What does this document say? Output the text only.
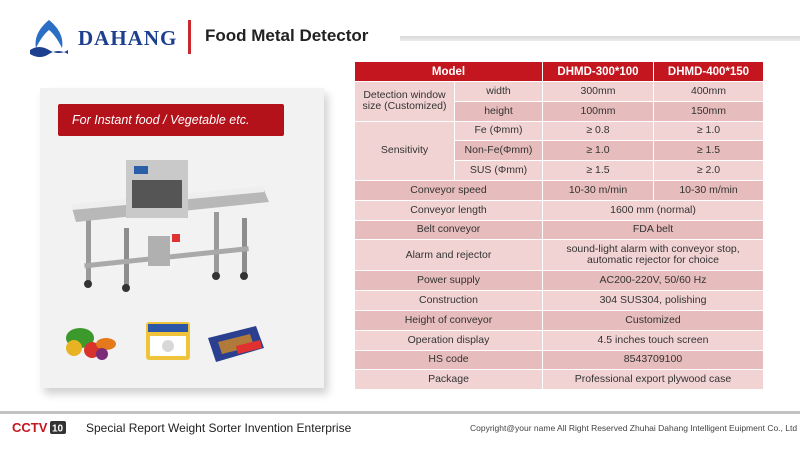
DAHANG Food Metal Detector
For Instant food / Vegetable etc.
Model		DHMD-300*100	DHMD-400*150
Detection window size (Customized)	width	300mm	400mm
	height	100mm	150mm
Sensitivity	Fe (Φmm)	≥ 0.8	≥ 1.0
	Non-Fe(Φmm)	≥ 1.0	≥ 1.5
	SUS (Φmm)	≥ 1.5	≥ 2.0
Conveyor speed		10-30 m/min	10-30 m/min
Conveyor length		1600 mm (normal)	
Belt conveyor		FDA belt	
Alarm and rejector		sound-light alarm with conveyor stop, automatic rejector for choice	
Power supply		AC200-220V, 50/60 Hz	
Construction		304 SUS304, polishing	
Height of conveyor		Customized	
Operation display		4.5 inches touch screen	
HS code		8543709100	
Package		Professional export plywood case	
CCTV 10 Special Report Weight Sorter Invention Enterprise	Copyright@your name All Right Reserved Zhuhai Dahang Intelligent Euipment Co., Ltd
